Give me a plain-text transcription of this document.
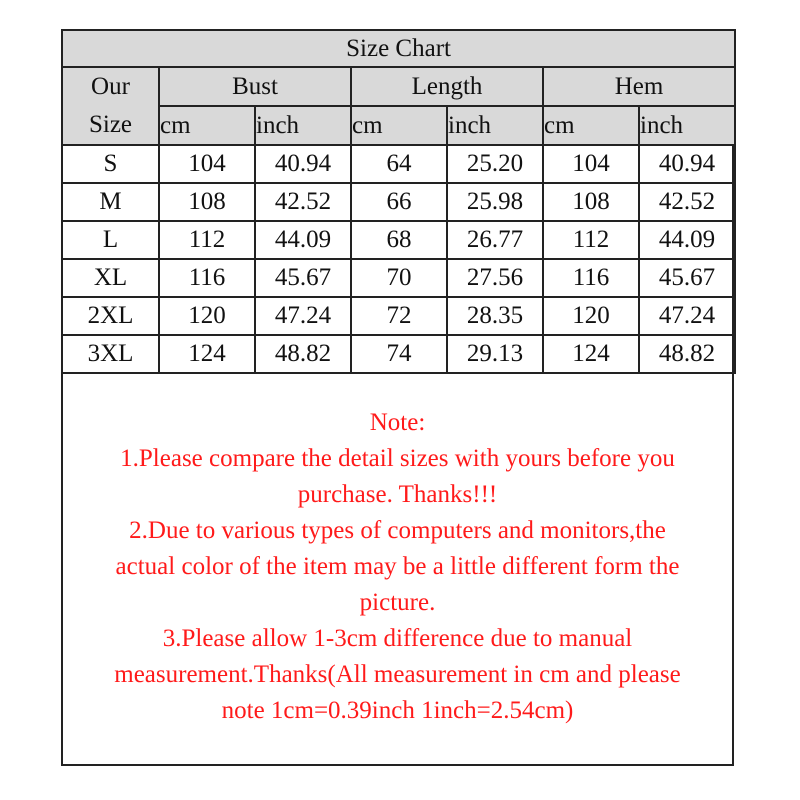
Size Chart						
Our
Size	Bust		Length		Hem	
	cm	inch	cm	inch	cm	inch
S	104	40.94	64	25.20	104	40.94
M	108	42.52	66	25.98	108	42.52
L	112	44.09	68	26.77	112	44.09
XL	116	45.67	70	27.56	116	45.67
2XL	120	47.24	72	28.35	120	47.24
3XL	124	48.82	74	29.13	124	48.82
Note:
1.Please compare the detail sizes with yours before you
purchase. Thanks!!!
2.Due to various types of computers and monitors,the
actual color of the item may be a little different form the
picture.
3.Please allow 1-3cm difference due to manual
measurement.Thanks(All measurement in cm and please
note 1cm=0.39inch 1inch=2.54cm)
